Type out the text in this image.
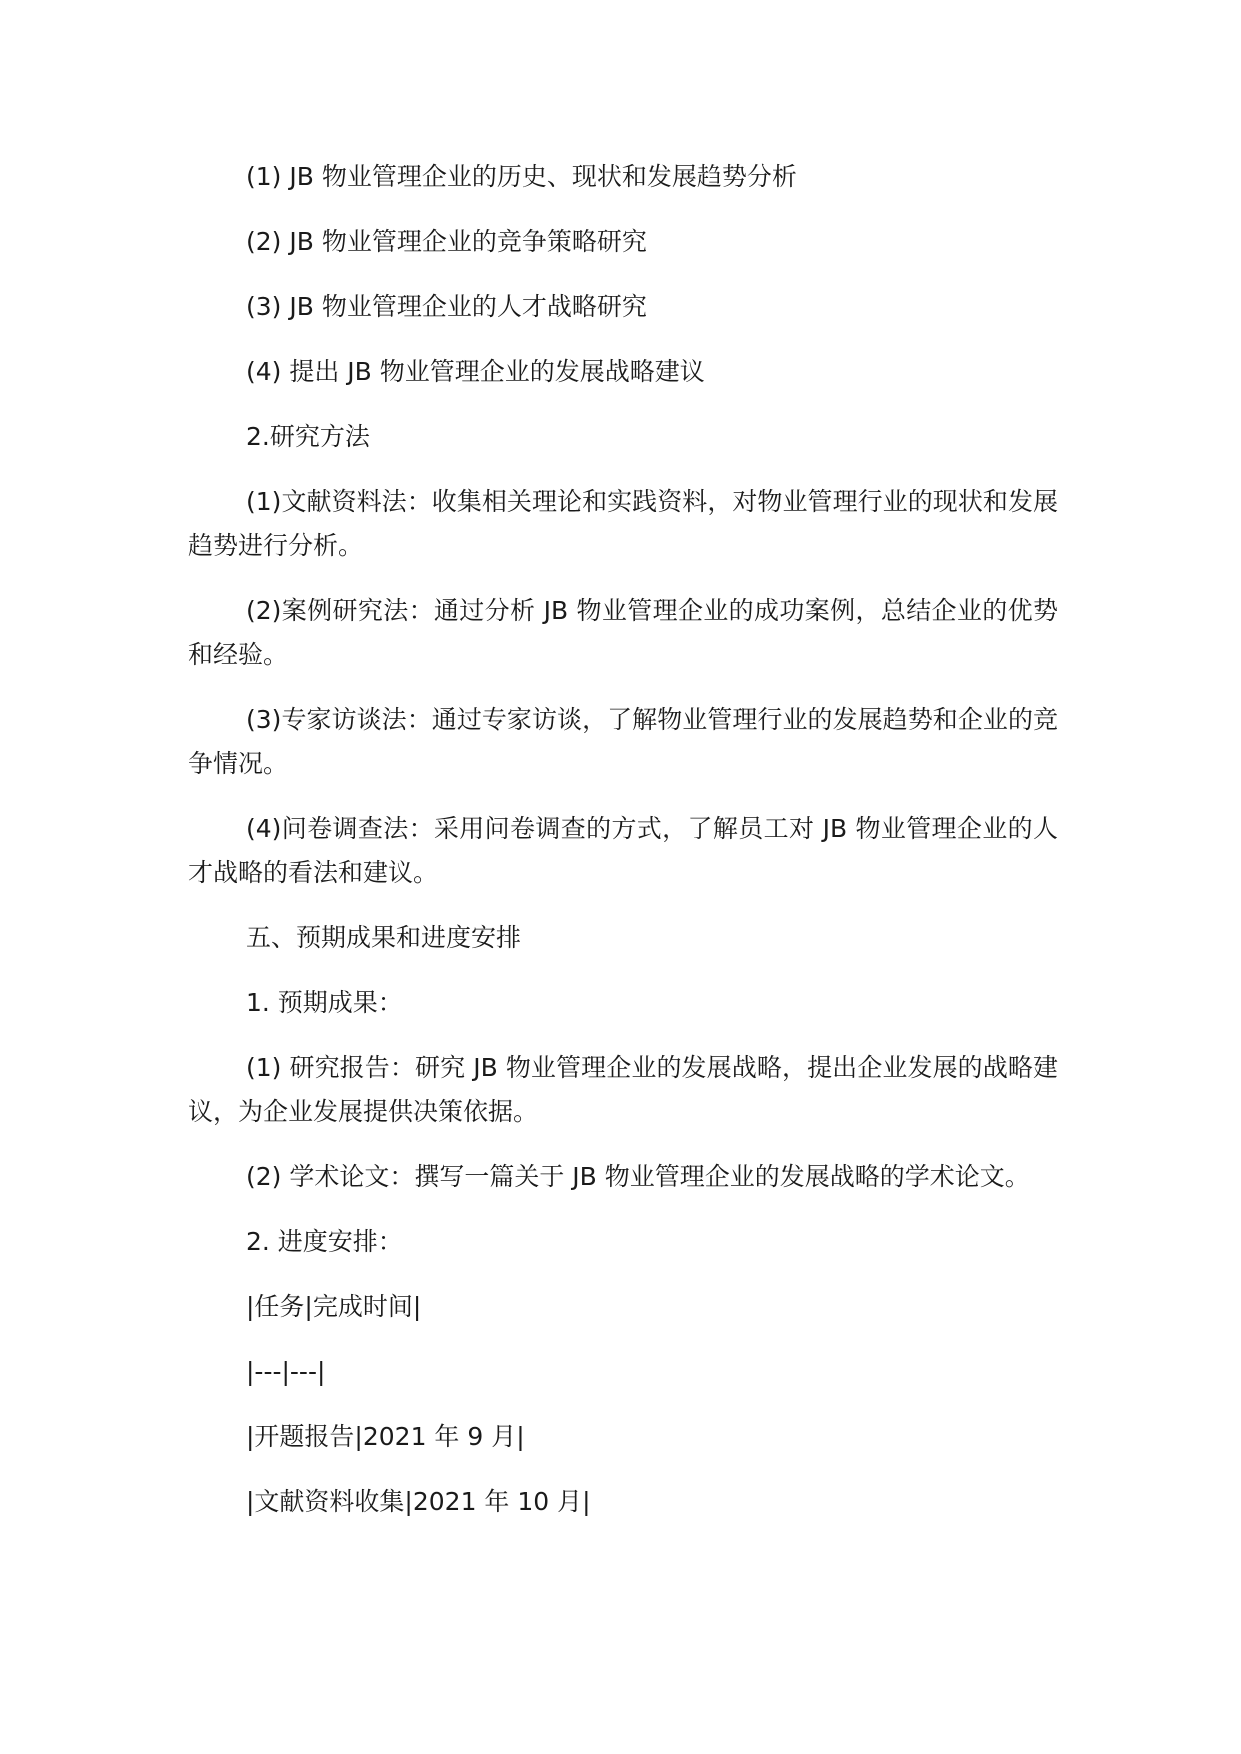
(1) JB 物业管理企业的历史、现状和发展趋势分析

(2) JB 物业管理企业的竞争策略研究

(3) JB 物业管理企业的人才战略研究

(4) 提出 JB 物业管理企业的发展战略建议

2.研究方法

(1)文献资料法：收集相关理论和实践资料，对物业管理行业的现状和发展趋势进行分析。

(2)案例研究法：通过分析 JB 物业管理企业的成功案例，总结企业的优势和经验。

(3)专家访谈法：通过专家访谈，了解物业管理行业的发展趋势和企业的竞争情况。

(4)问卷调查法：采用问卷调查的方式，了解员工对 JB 物业管理企业的人才战略的看法和建议。

五、预期成果和进度安排

1. 预期成果：

(1) 研究报告：研究 JB 物业管理企业的发展战略，提出企业发展的战略建议，为企业发展提供决策依据。

(2) 学术论文：撰写一篇关于 JB 物业管理企业的发展战略的学术论文。

2. 进度安排：

|任务|完成时间|

|---|---|

|开题报告|2021 年 9 月|

|文献资料收集|2021 年 10 月|
